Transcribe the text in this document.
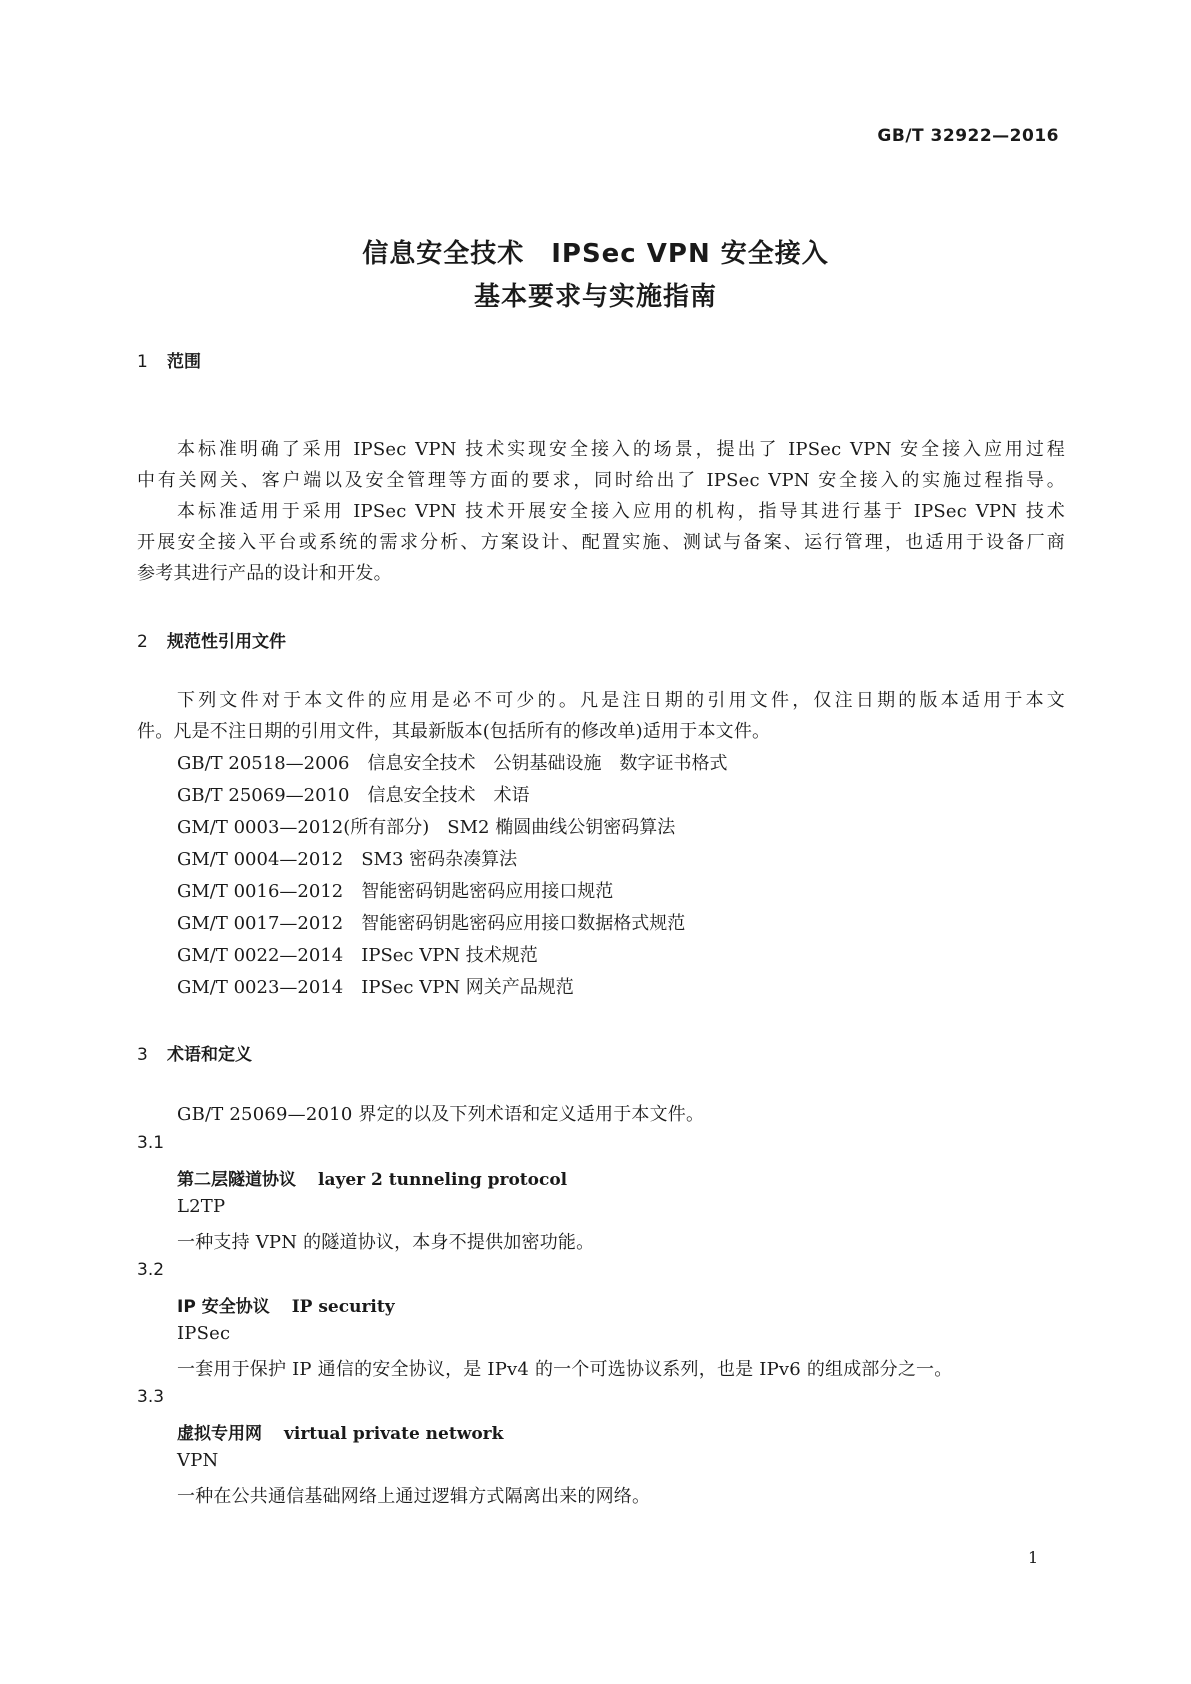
GB/T 32922—2016
信息安全技术　IPSec VPN 安全接入
基本要求与实施指南
1 范围
本标准明确了采用 IPSec VPN 技术实现安全接入的场景，提出了 IPSec VPN 安全接入应用过程
中有关网关、客户端以及安全管理等方面的要求，同时给出了 IPSec VPN 安全接入的实施过程指导。
本标准适用于采用 IPSec VPN 技术开展安全接入应用的机构，指导其进行基于 IPSec VPN 技术
开展安全接入平台或系统的需求分析、方案设计、配置实施、测试与备案、运行管理，也适用于设备厂商
参考其进行产品的设计和开发。
2 规范性引用文件
下列文件对于本文件的应用是必不可少的。凡是注日期的引用文件，仅注日期的版本适用于本文
件。凡是不注日期的引用文件，其最新版本(包括所有的修改单)适用于本文件。
GB/T 20518—2006　信息安全技术　公钥基础设施　数字证书格式
GB/T 25069—2010　信息安全技术　术语
GM/T 0003—2012(所有部分)　SM2 椭圆曲线公钥密码算法
GM/T 0004—2012　SM3 密码杂凑算法
GM/T 0016—2012　智能密码钥匙密码应用接口规范
GM/T 0017—2012　智能密码钥匙密码应用接口数据格式规范
GM/T 0022—2014　IPSec VPN 技术规范
GM/T 0023—2014　IPSec VPN 网关产品规范
3 术语和定义
GB/T 25069—2010 界定的以及下列术语和定义适用于本文件。
3.1
第二层隧道协议 layer 2 tunneling protocol
L2TP
一种支持 VPN 的隧道协议，本身不提供加密功能。
3.2
IP 安全协议 IP security
IPSec
一套用于保护 IP 通信的安全协议，是 IPv4 的一个可选协议系列，也是 IPv6 的组成部分之一。
3.3
虚拟专用网 virtual private network
VPN
一种在公共通信基础网络上通过逻辑方式隔离出来的网络。
1
